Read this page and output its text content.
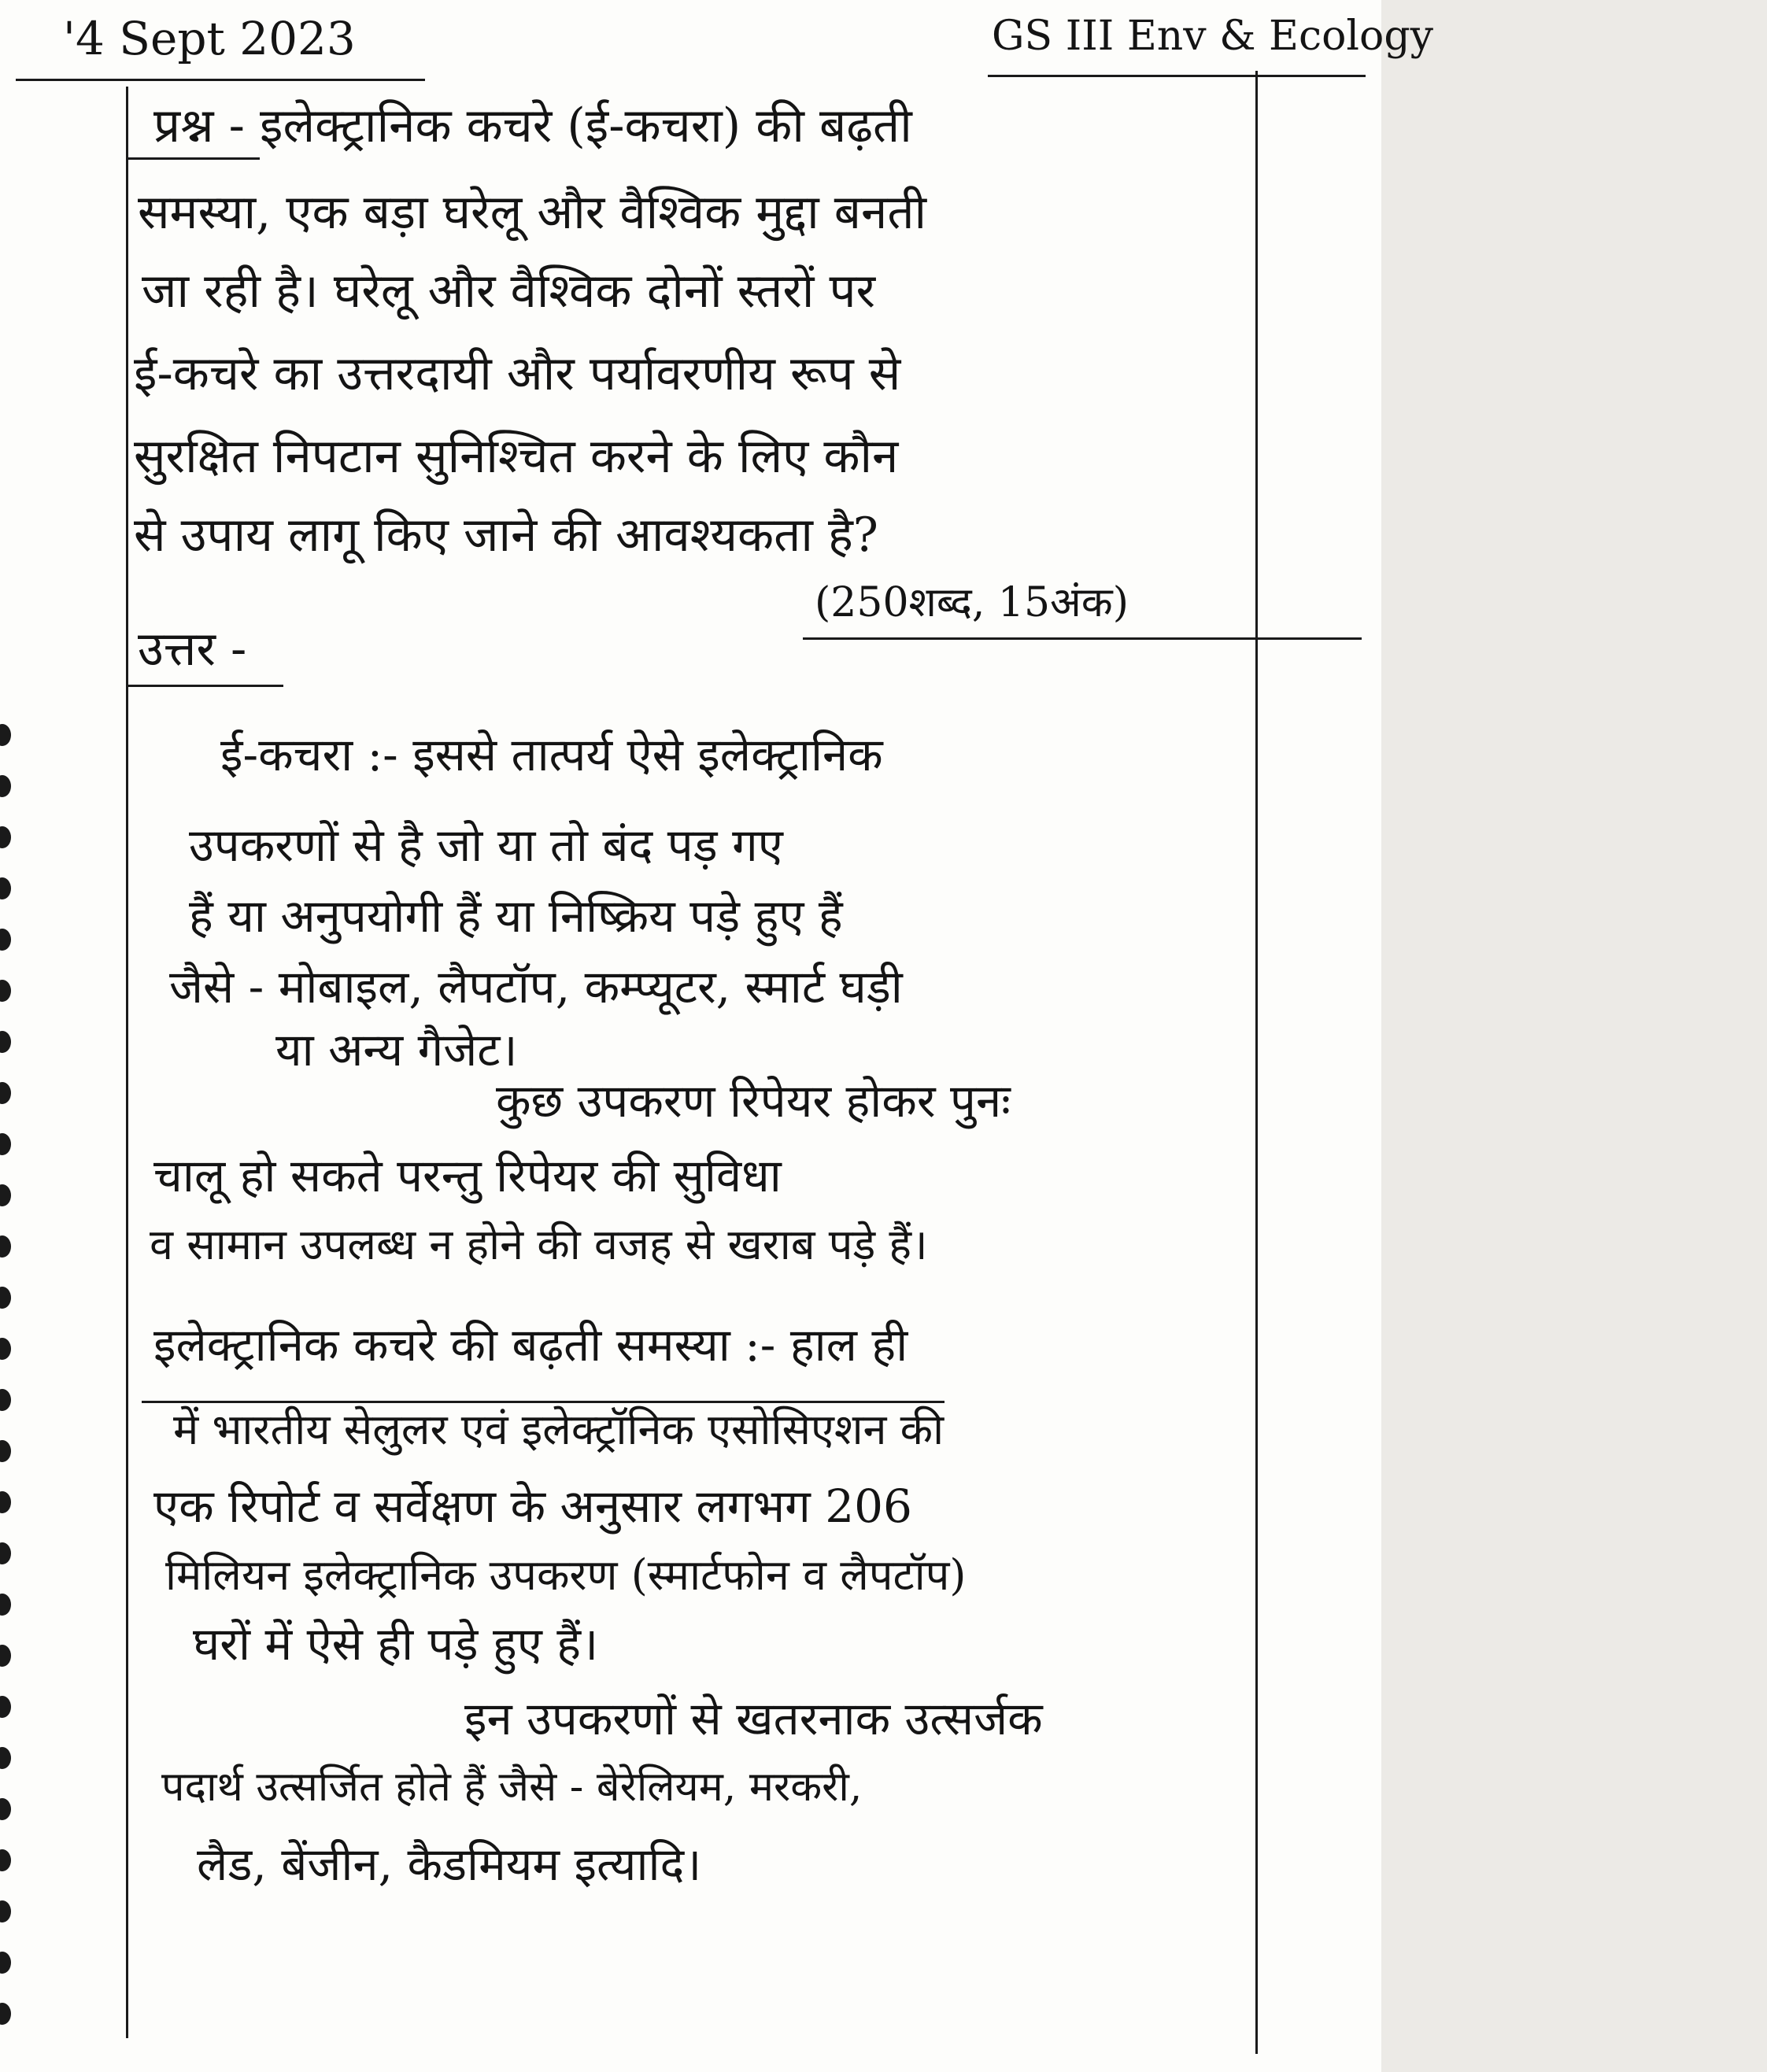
'4 Sept 2023	GS III Env & Ecology
प्रश्न - इलेक्ट्रानिक कचरे (ई-कचरा) की बढ़ती
समस्या, एक बड़ा घरेलू और वैश्विक मुद्दा बनती
जा रही है। घरेलू और वैश्विक दोनों स्तरों पर
ई-कचरे का उत्तरदायी और पर्यावरणीय रूप से
सुरक्षित निपटान सुनिश्चित करने के लिए कौन
से उपाय लागू किए जाने की आवश्यकता है?
(250शब्द, 15अंक)
उत्तर -
ई-कचरा :- इससे तात्पर्य ऐसे इलेक्ट्रानिक
उपकरणों से है जो या तो बंद पड़ गए
हैं या अनुपयोगी हैं या निष्क्रिय पड़े हुए हैं
जैसे - मोबाइल, लैपटॉप, कम्प्यूटर, स्मार्ट घड़ी
या अन्य गैजेट।
कुछ उपकरण रिपेयर होकर पुनः
चालू हो सकते परन्तु रिपेयर की सुविधा
व सामान उपलब्ध न होने की वजह से खराब पड़े हैं।
इलेक्ट्रानिक कचरे की बढ़ती समस्या :- हाल ही
में भारतीय सेलुलर एवं इलेक्ट्रॉनिक एसोसिएशन की
एक रिपोर्ट व सर्वेक्षण के अनुसार लगभग 206
मिलियन इलेक्ट्रानिक उपकरण (स्मार्टफोन व लैपटॉप)
घरों में ऐसे ही पड़े हुए हैं।
इन उपकरणों से खतरनाक उत्सर्जक
पदार्थ उत्सर्जित होते हैं जैसे - बेरेलियम, मरकरी,
लैड, बेंजीन, कैडमियम इत्यादि।
